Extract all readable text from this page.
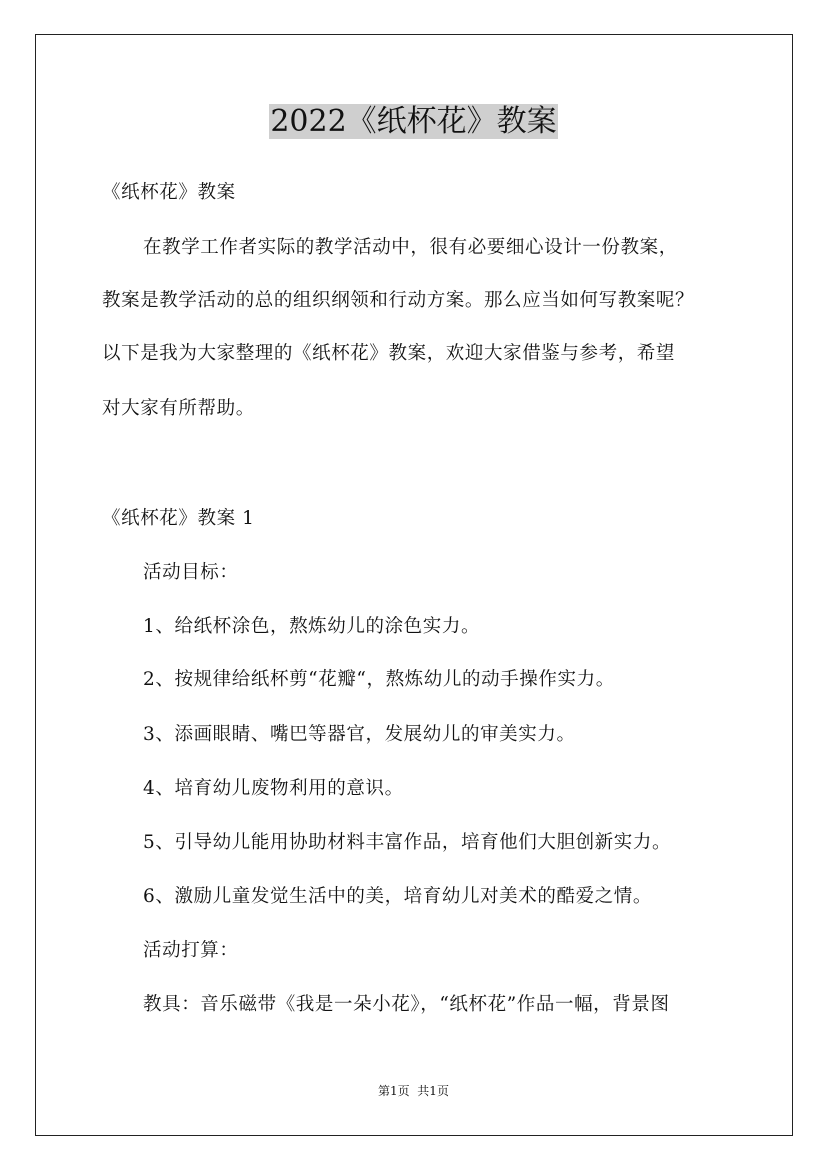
2022《纸杯花》教案
《纸杯花》教案
在教学工作者实际的教学活动中，很有必要细心设计一份教案，
教案是教学活动的总的组织纲领和行动方案。那么应当如何写教案呢？
以下是我为大家整理的《纸杯花》教案，欢迎大家借鉴与参考，希望
对大家有所帮助。
《纸杯花》教案 1
活动目标：
1、给纸杯涂色，熬炼幼儿的涂色实力。
2、按规律给纸杯剪“花瓣“，熬炼幼儿的动手操作实力。
3、添画眼睛、嘴巴等器官，发展幼儿的审美实力。
4、培育幼儿废物利用的意识。
5、引导幼儿能用协助材料丰富作品，培育他们大胆创新实力。
6、激励儿童发觉生活中的美，培育幼儿对美术的酷爱之情。
活动打算：
教具：音乐磁带《我是一朵小花》，“纸杯花”作品一幅，背景图
第1页  共1页
